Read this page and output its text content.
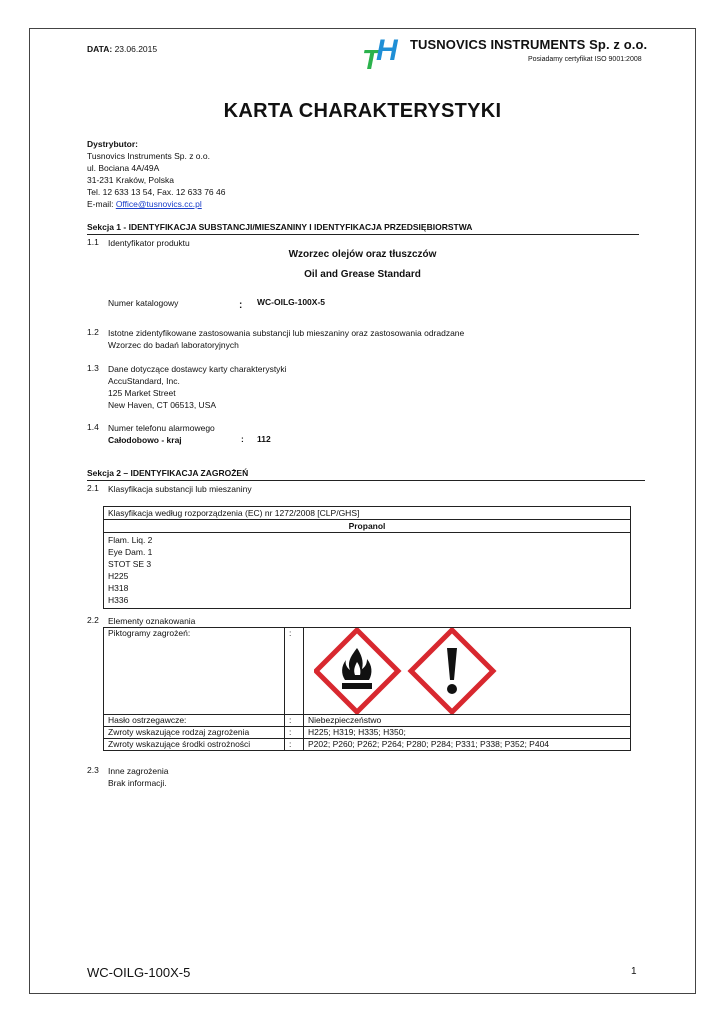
DATA: 23.06.2015	T
H TUSNOVICS INSTRUMENTS Sp. z o.o.
Posiadamy certyfikat ISO 9001:2008
KARTA CHARAKTERYSTYKI
Dystrybutor:
Tusnovics Instruments Sp. z o.o.
ul. Bociana 4A/49A
31-231 Kraków, Polska
Tel. 12 633 13 54, Fax. 12 633 76 46
E-mail: Office@tusnovics.cc.pl
Sekcja 1 - IDENTYFIKACJA SUBSTANCJI/MIESZANINY I IDENTYFIKACJA PRZEDSIĘBIORSTWA
1.1 Identyfikator produktu
Wzorzec olejów oraz tłuszczów
Oil and Grease Standard
Numer katalogowy	: WC-OILG-100X-5
1.2 Istotne zidentyfikowane zastosowania substancji lub mieszaniny oraz zastosowania odradzane
Wzorzec do badań laboratoryjnych
1.3 Dane dotyczące dostawcy karty charakterystyki
AccuStandard, Inc.
125 Market Street
New Haven, CT 06513, USA
1.4 Numer telefonu alarmowego
Całodobowo - kraj	: 112
Sekcja 2 – IDENTYFIKACJA ZAGROŻEŃ
2.1 Klasyfikacja substancji lub mieszaniny
Klasyfikacja według rozporządzenia (EC) nr 1272/2008 [CLP/GHS]
Propanol

Flam. Liq. 2
Eye Dam. 1
STOT SE 3
H225
H318
H336
2.2 Elementy oznakowania
Piktogramy zagrożeń:	:	

Hasło ostrzegawcze:	:	Niebezpieczeństwo
Zwroty wskazujące rodzaj zagrożenia	:	H225; H319; H335; H350;
Zwroty wskazujące środki ostrożności	:	P202; P260; P262; P264; P280; P284; P331; P338; P352; P404
2.3 Inne zagrożenia
Brak informacji.
WC-OILG-100X-5	1
